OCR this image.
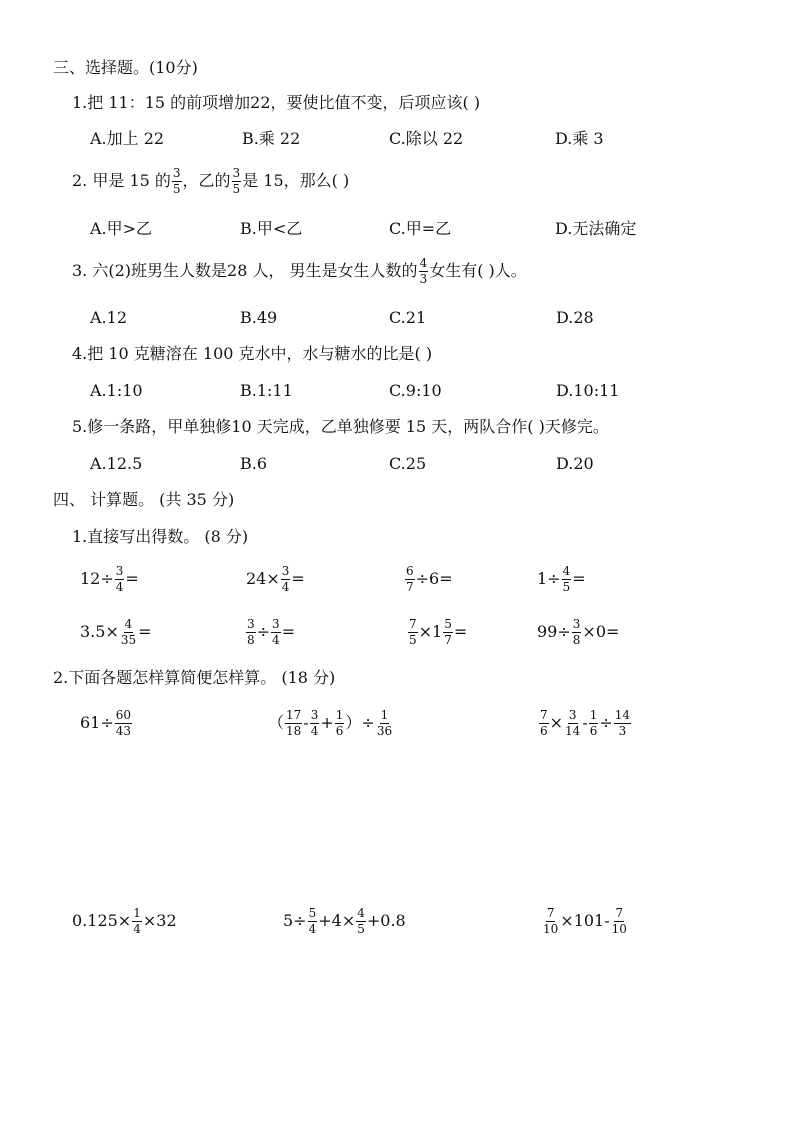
三、选择题。(10分)
1.把 11：15 的前项增加22，要使比值不变，后项应该( )
A.加上 22	B.乘 22	C.除以 22	D.乘 3
2. 甲是 15 的 $\frac{3}{5}$ ，乙的 $\frac{3}{5}$ 是 15，那么( )
A.甲>乙	B.甲<乙	C.甲=乙	D.无法确定
3. 六(2)班男生人数是28 人， 男生是女生人数的 $\frac{4}{3}$ 女生有( )人。
A.12	B.49	C.21	D.28
4.把 10 克糖溶在 100 克水中，水与糖水的比是( )
A.1:10	B.1:11	C.9:10	D.10:11
5.修一条路，甲单独修10 天完成，乙单独修要 15 天，两队合作( )天修完。
A.12.5	B.6	C.25	D.20
四、 计算题。 (共 35 分)
1.直接写出得数。 (8 分)
$12\div \frac{3}{4}$ =	$24\times \frac{3}{4}$ =	$\frac{6}{7} \div 6=$	$1\div \frac{4}{5}$ =
$3.5\times \frac{4}{35}$ =	$\frac{3}{8} \div \frac{3}{4}$ =	$\frac{7}{5} \times 1 \frac{5}{7}$ =	$99\div \frac{3}{8} \times 0=$
2.下面各题怎样算简便怎样算。 (18 分)
$61\div \frac{60}{43}$	（ $\frac{17}{18} - \frac{3}{4} + \frac{1}{6}$ ）÷ $\frac{1}{36}$	$\frac{7}{6} \times \frac{3}{14} - \frac{1}{6} \div \frac{14}{3}$
$0.125\times \frac{1}{4} \times 32$	$5\div \frac{5}{4} +4\times \frac{4}{5} +0.8$	$\frac{7}{10} \times 101- \frac{7}{10}$
